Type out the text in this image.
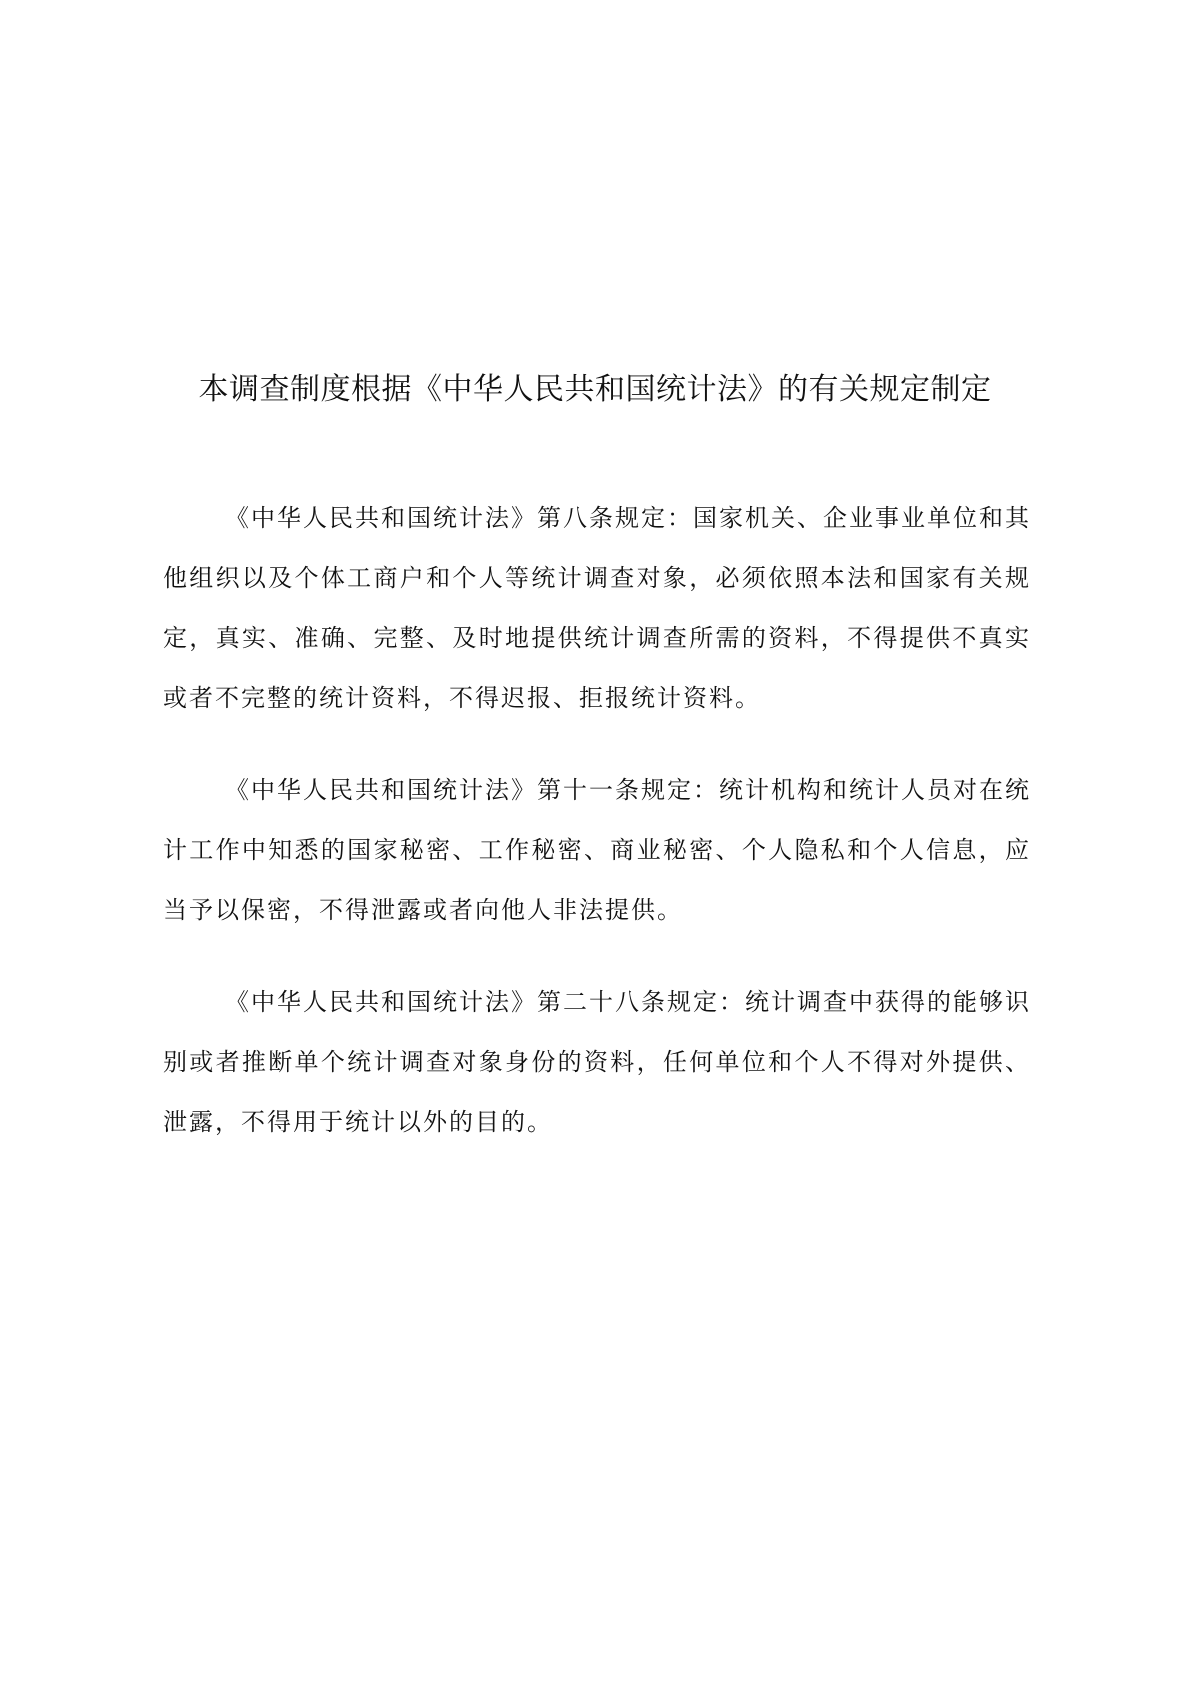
本调查制度根据《中华人民共和国统计法》的有关规定制定

《中华人民共和国统计法》第八条规定：国家机关、企业事业单位和其他组织以及个体工商户和个人等统计调查对象，必须依照本法和国家有关规定，真实、准确、完整、及时地提供统计调查所需的资料，不得提供不真实或者不完整的统计资料，不得迟报、拒报统计资料。

《中华人民共和国统计法》第十一条规定：统计机构和统计人员对在统计工作中知悉的国家秘密、工作秘密、商业秘密、个人隐私和个人信息，应当予以保密，不得泄露或者向他人非法提供。

《中华人民共和国统计法》第二十八条规定：统计调查中获得的能够识别或者推断单个统计调查对象身份的资料，任何单位和个人不得对外提供、泄露，不得用于统计以外的目的。
